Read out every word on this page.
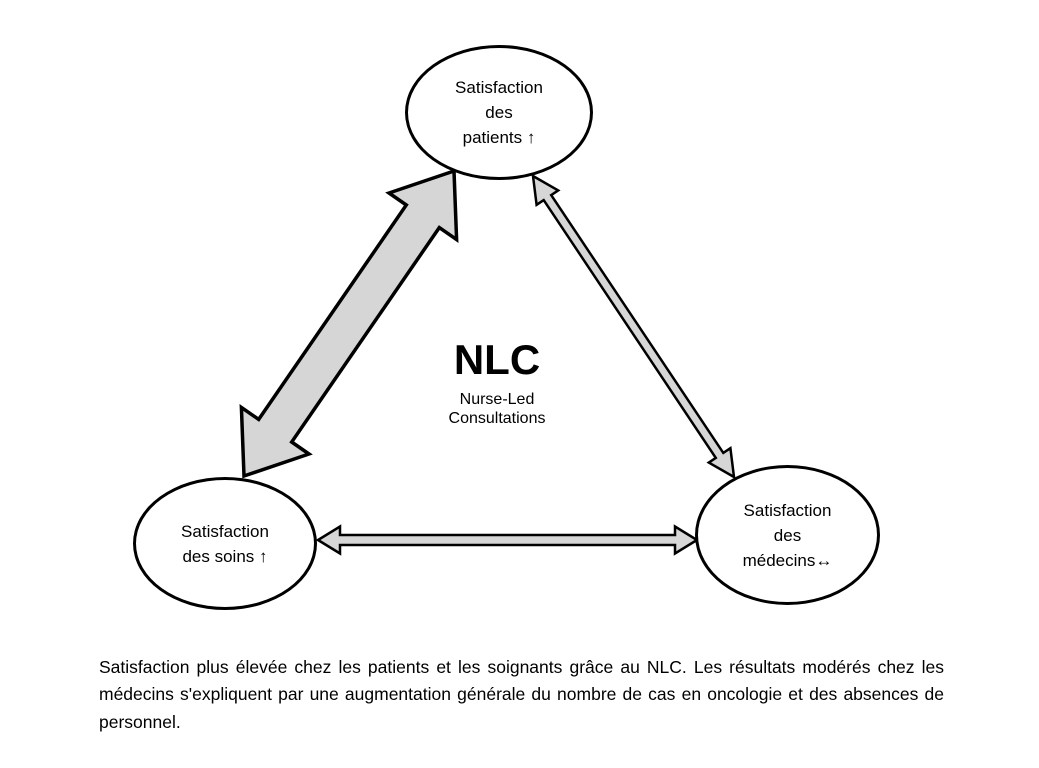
Satisfaction
des
patients ↑
Satisfaction
des soins ↑
Satisfaction
des
médecins↔
NLC
Nurse-Led
Consultations

Satisfaction plus élevée chez les patients et les soignants grâce au NLC. Les résultats modérés chez les médecins s'expliquent par une augmentation générale du nombre de cas en oncologie et des absences de personnel.
